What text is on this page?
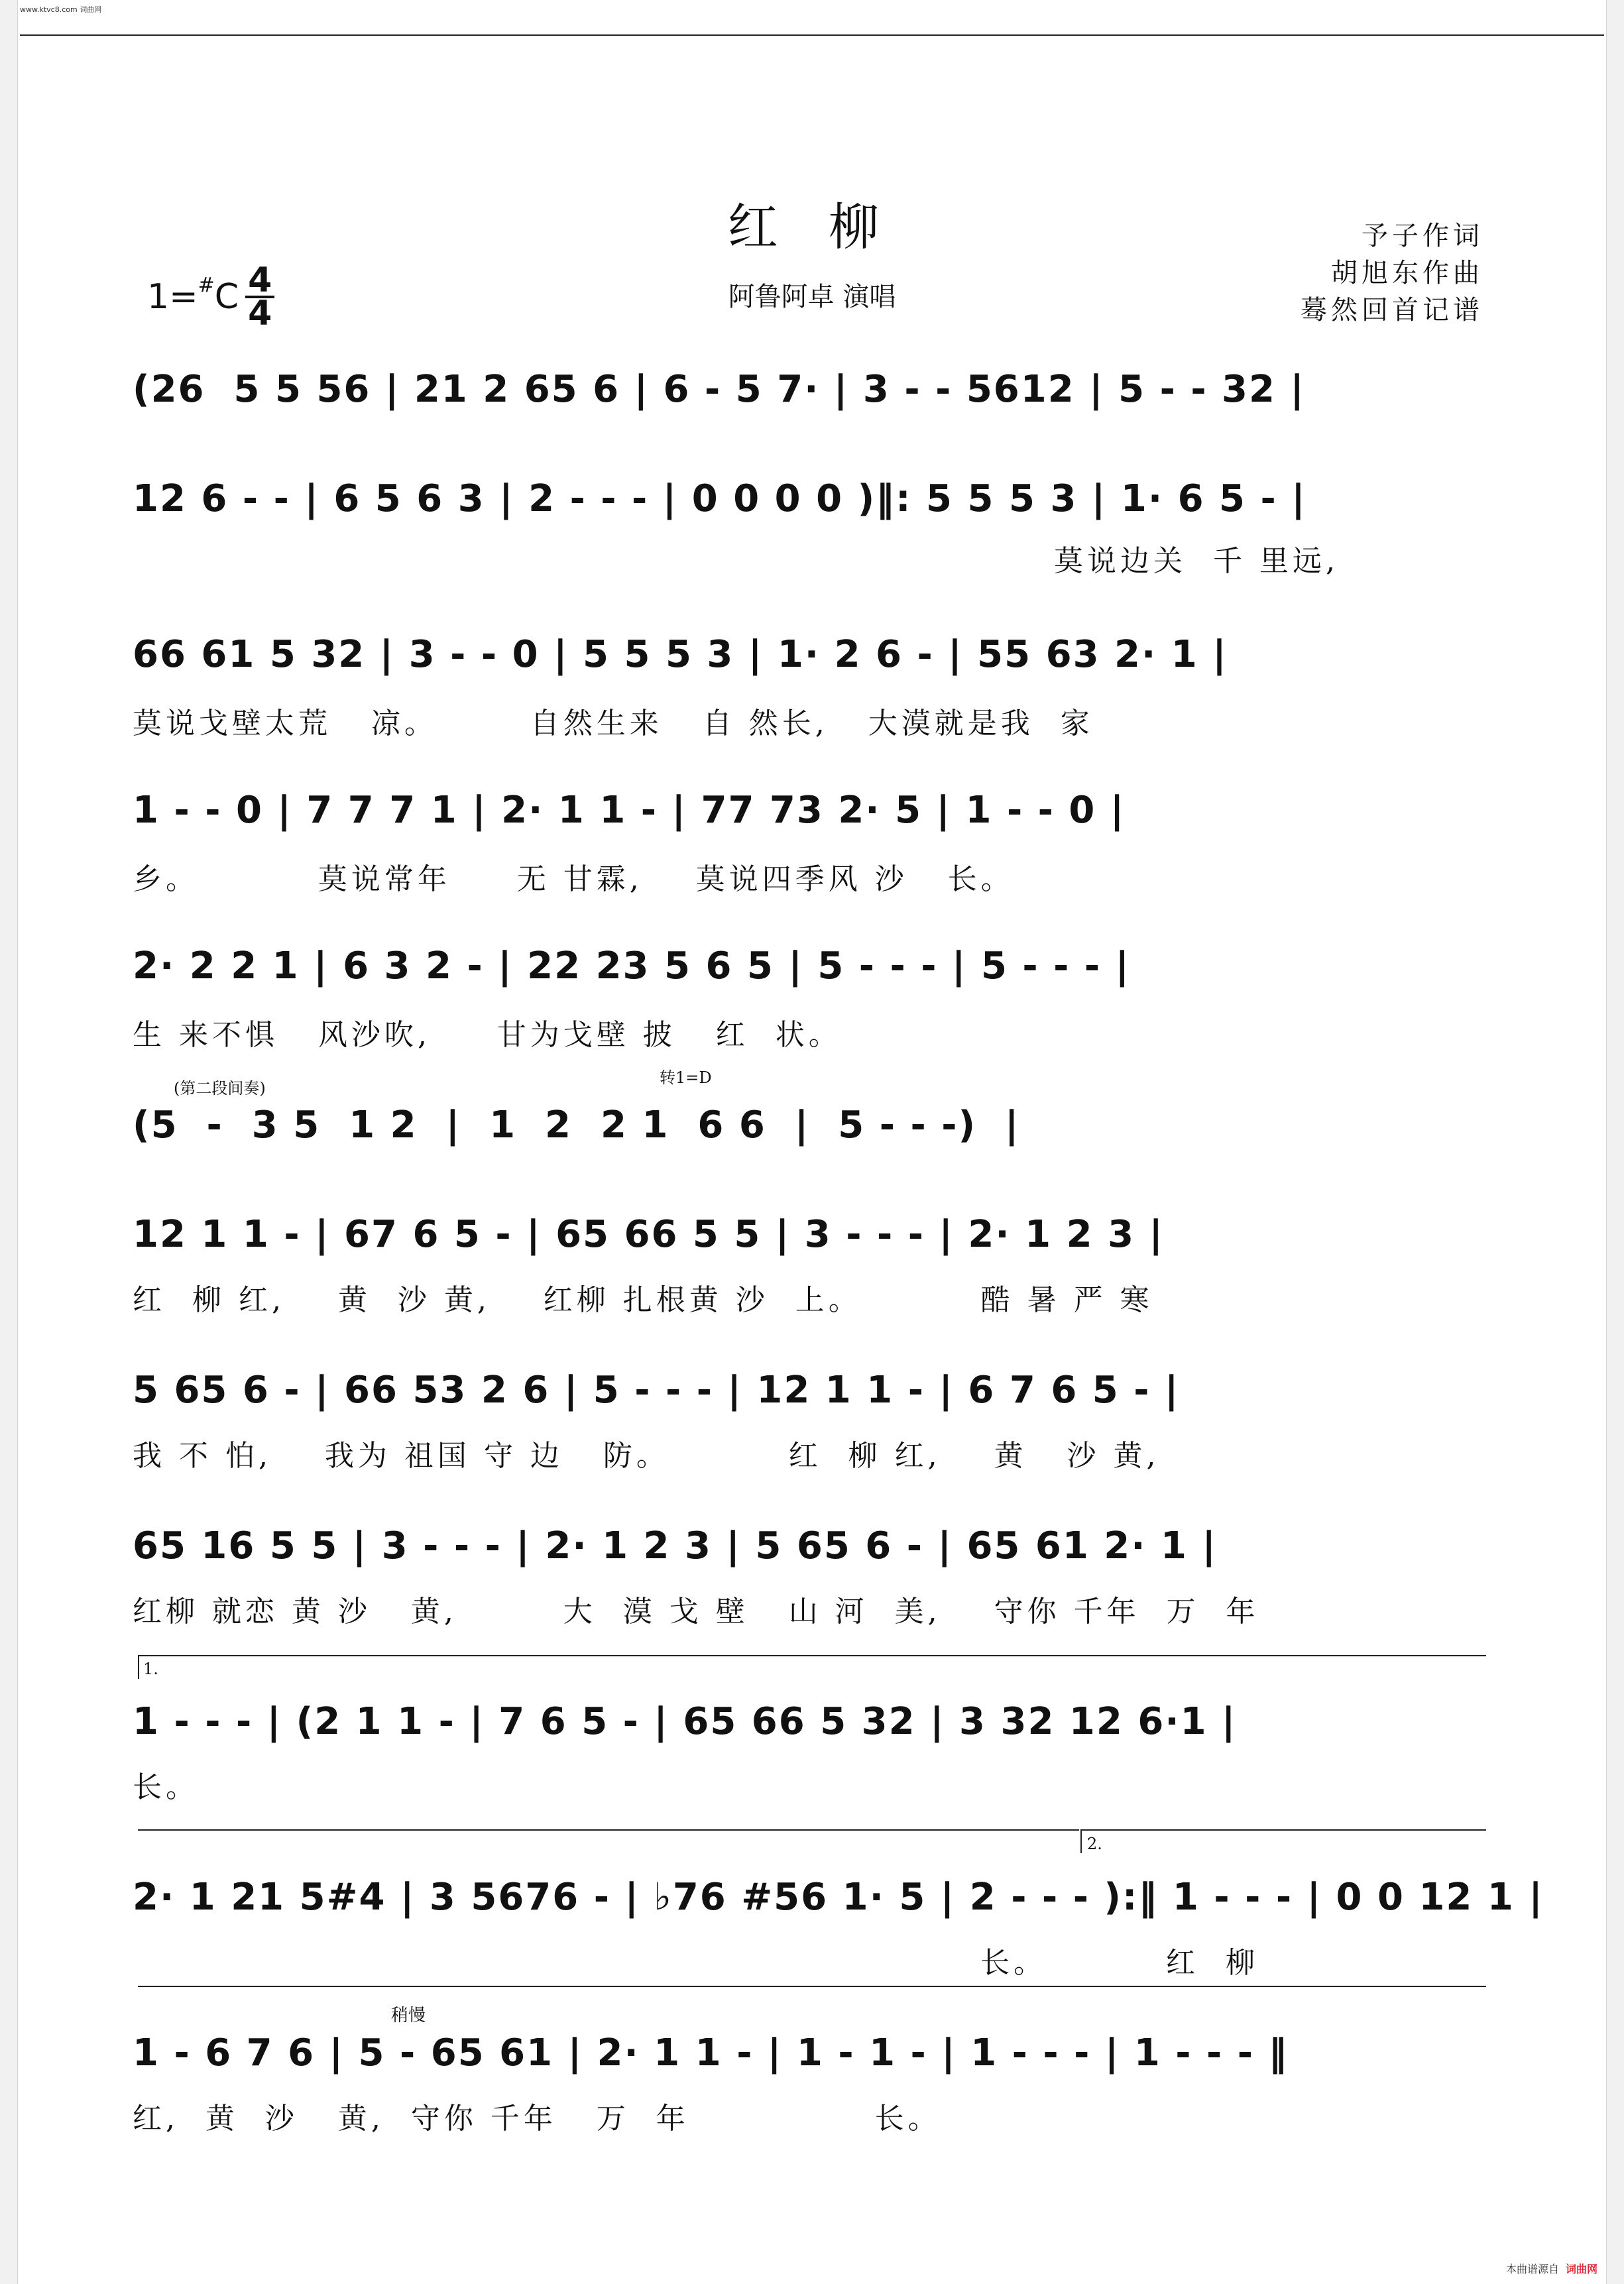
www.ktvc8.com 词曲网
红 柳
阿鲁阿卓 演唱
予子作词
胡旭东作曲
蓦然回首记谱
1= # C $\frac{4}{4}$
(26  5 5 56 | 21 2 65 6 | 6 - 5 7· | 3 - - 5612 | 5 - - 32 |
12 6 - - | 6 5 6 3 | 2 - - - | 0 0 0 0 )‖: 5 5 5 3 | 1· 6 5 - |
莫说边关  千 里远,
66 61 5 32 | 3 - - 0 | 5 5 5 3 | 1· 2 6 - | 55 63 2· 1 |
莫说戈壁太荒   凉。       自然生来   自 然长,   大漠就是我  家
1 - - 0 | 7 7 7 1 | 2· 1 1 - | 77 73 2· 5 | 1 - - 0 |
乡。         莫说常年     无 甘霖,    莫说四季风 沙   长。
2· 2 2 1 | 6 3 2 - | 22 23 5 6 5 | 5 - - - | 5 - - - |
生 来不惧   风沙吹,     甘为戈壁 披   红  状。
(第二段间奏)
转1=D
(5  -  3 5  1 2  |  1  2  2 1  6 6  |  5 - - -)  |
12 1 1 - | 67 6 5 - | 65 66 5 5 | 3 - - - | 2· 1 2 3 |
红  柳 红,    黄  沙 黄,    红柳 扎根黄 沙  上。         酷 暑 严 寒
5 65 6 - | 66 53 2 6 | 5 - - - | 12 1 1 - | 6 7 6 5 - |
我 不 怕,    我为 祖国 守 边   防。         红  柳 红,    黄   沙 黄,
65 16 5 5 | 3 - - - | 2· 1 2 3 | 5 65 6 - | 65 61 2· 1 |
红柳 就恋 黄 沙   黄,        大  漠 戈 壁   山 河  美,    守你 千年  万  年
1.
1 - - - | (2 1 1 - | 7 6 5 - | 65 66 5 32 | 3 32 12 6·1 |
长。
2.
2· 1 21 5#4 | 3 5676 - | ♭76 #56 1· 5 | 2 - - - ):‖ 1 - - - | 0 0 12 1 |
长。         红  柳
稍慢
1 - 6 7 6 | 5 - 65 61 | 2· 1 1 - | 1 - 1 - | 1 - - - | 1 - - - ‖
红,  黄  沙   黄,  守你 千年   万  年              长。
本曲谱源自 词曲网
